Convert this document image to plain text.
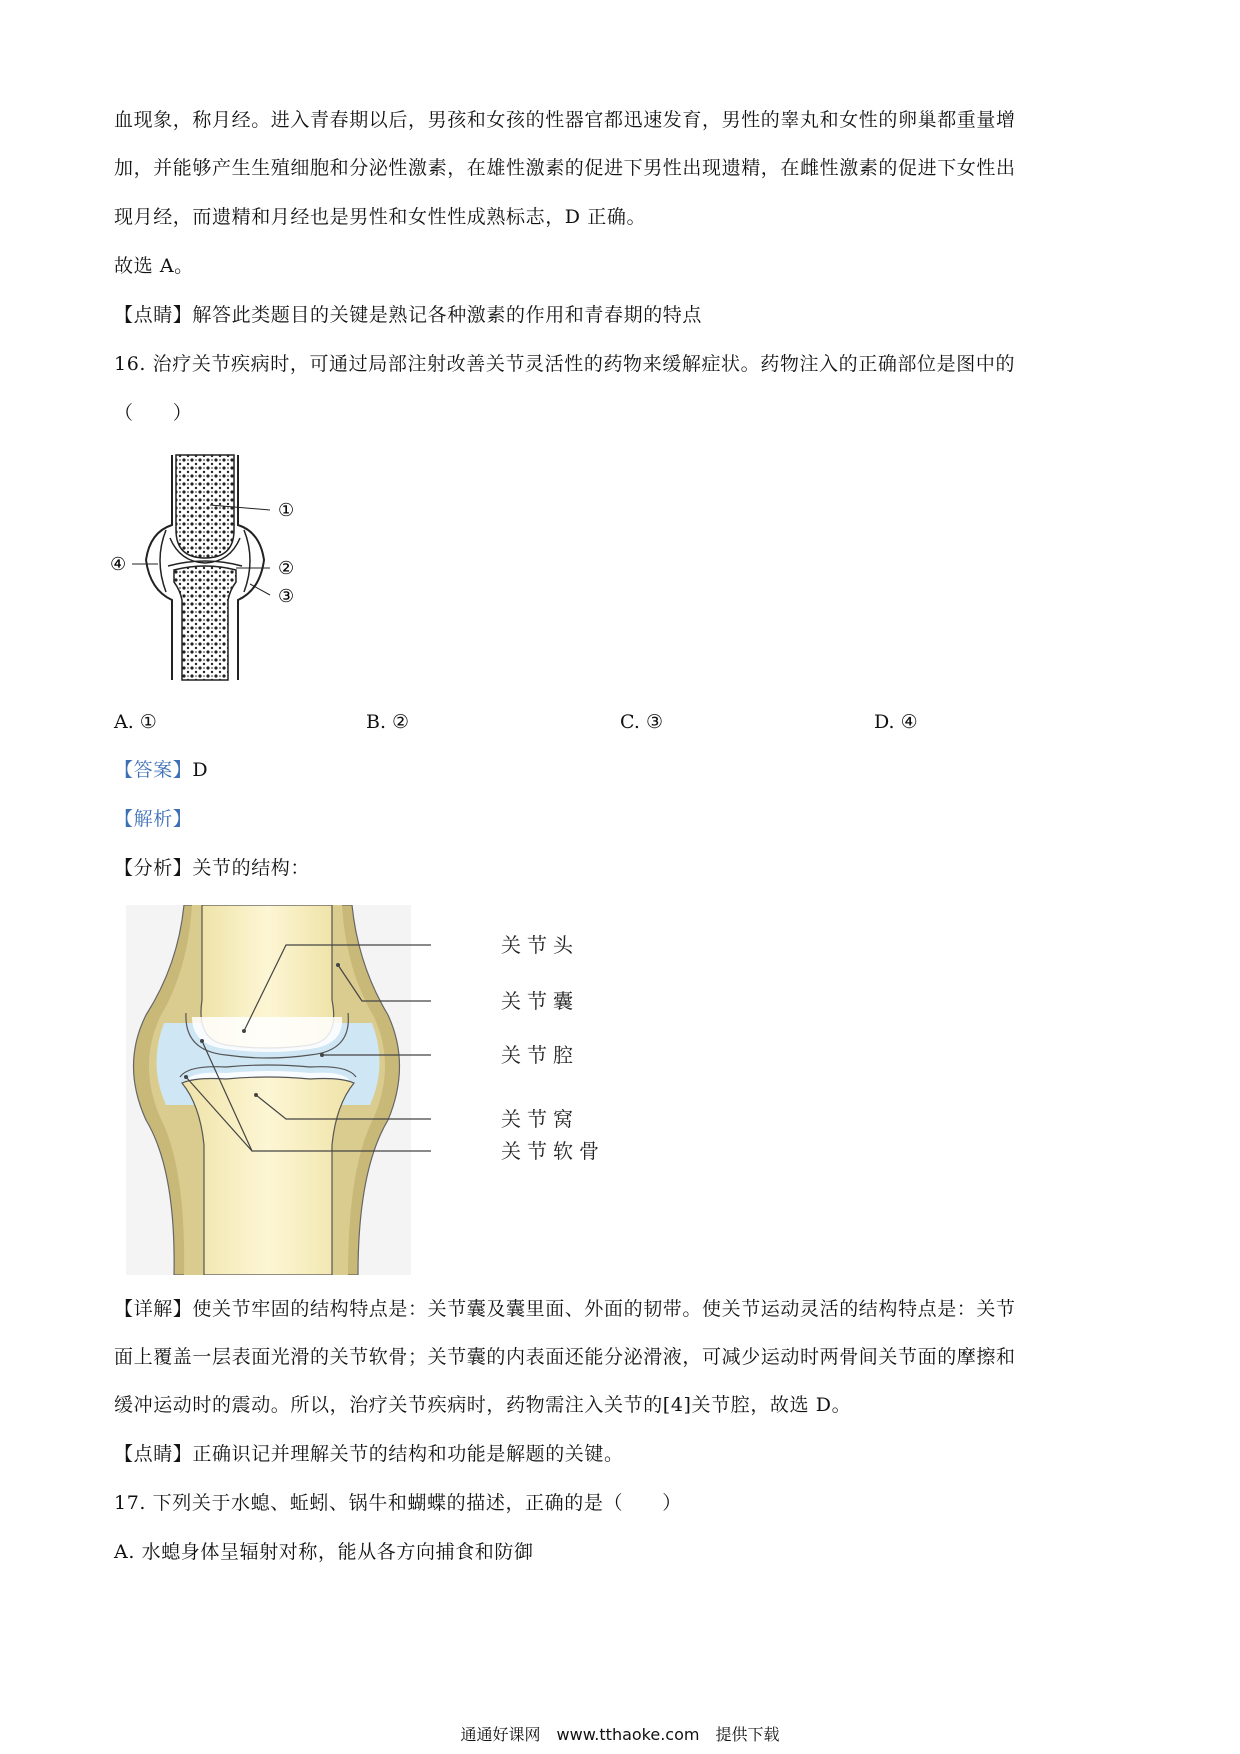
血现象，称月经。进入青春期以后，男孩和女孩的性器官都迅速发育，男性的睾丸和女性的卵巢都重量增
加，并能够产生生殖细胞和分泌性激素，在雄性激素的促进下男性出现遗精，在雌性激素的促进下女性出
现月经，而遗精和月经也是男性和女性性成熟标志，D 正确。
故选 A。
【点睛】解答此类题目的关键是熟记各种激素的作用和青春期的特点
16. 治疗关节疾病时，可通过局部注射改善关节灵活性的药物来缓解症状。药物注入的正确部位是图中的
（　　）
①
②
③
④
A. ①	B. ②	C. ③	D. ④
【答案】D
【解析】
【分析】关节的结构：
关节头
关节囊
关节腔
关节窝
关节软骨
【详解】使关节牢固的结构特点是：关节囊及囊里面、外面的韧带。使关节运动灵活的结构特点是：关节
面上覆盖一层表面光滑的关节软骨；关节囊的内表面还能分泌滑液，可减少运动时两骨间关节面的摩擦和
缓冲运动时的震动。所以，治疗关节疾病时，药物需注入关节的[4]关节腔，故选 D。
【点睛】正确识记并理解关节的结构和功能是解题的关键。
17. 下列关于水螅、蚯蚓、锅牛和蝴蝶的描述，正确的是（　　）
A. 水螅身体呈辐射对称，能从各方向捕食和防御
通通好课网　www.tthaoke.com　提供下载
